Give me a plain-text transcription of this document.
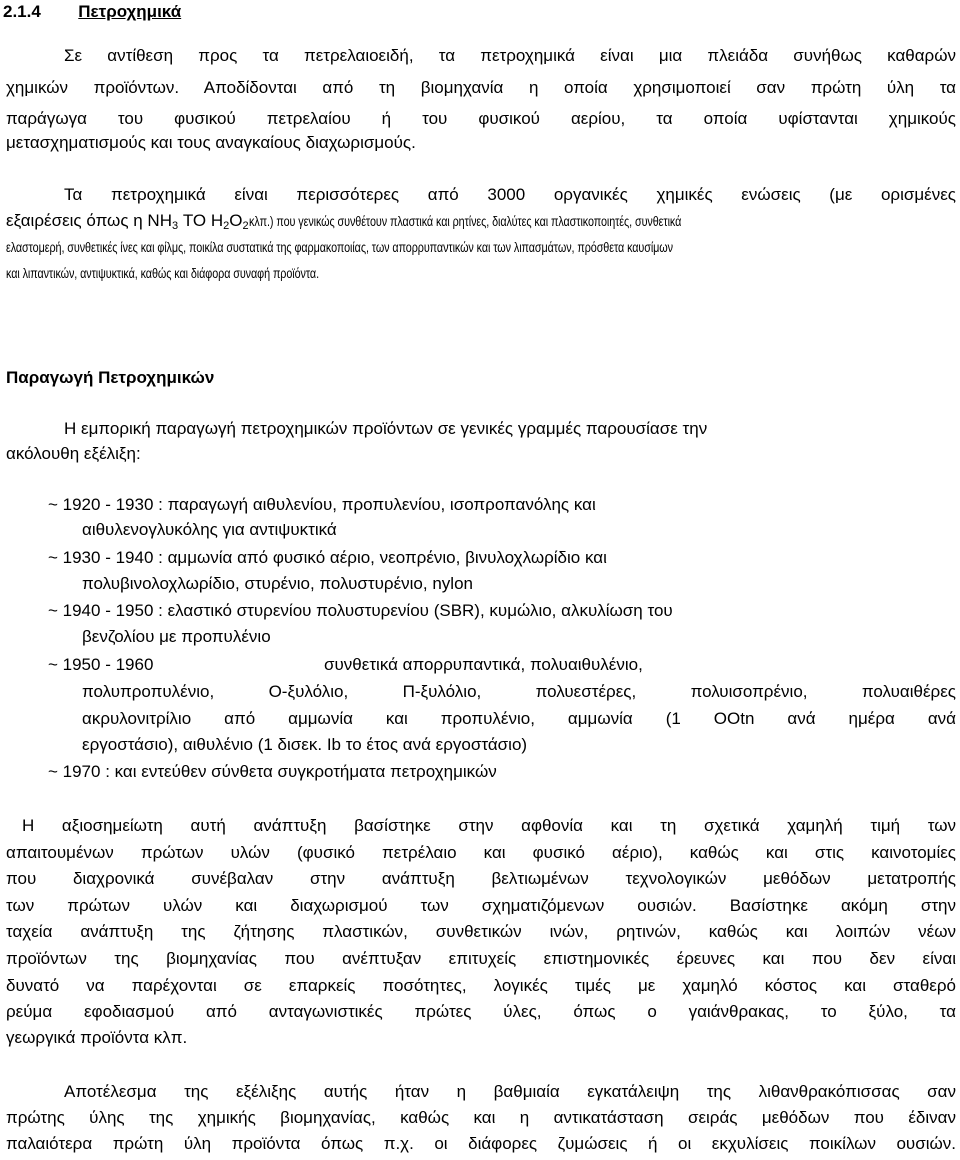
2.1.4 Πετροχημικά
Σε αντίθεση προς τα πετρελαιοειδή, τα πετροχημικά είναι μια πλειάδα συνήθως καθαρών
χημικών προϊόντων. Αποδίδονται από τη βιομηχανία η οποία χρησιμοποιεί σαν πρώτη ύλη τα
παράγωγα του φυσικού πετρελαίου ή του φυσικού αερίου, τα οποία υφίστανται χημικούς
μετασχηματισμούς και τους αναγκαίους διαχωρισμούς.
Τα πετροχημικά είναι περισσότερες από 3000 οργανικές χημικές ενώσεις (με ορισμένες
εξαιρέσεις όπως η $NH_3$ ΤΟ $H_2O_2\kappa\lambda\pi$.) που γενικώς συνθέτουν πλαστικά και ρητίνες, διαλύτες και πλαστικοποιητές, συνθετικά
ελαστομερή, συνθετικές ίνες και φίλμς, ποικίλα συστατικά της φαρμακοποιίας, των απορρυπαντικών και των λιπασμάτων, πρόσθετα καυσίμων
και λιπαντικών, αντιψυκτικά, καθώς και διάφορα συναφή προϊόντα.
Παραγωγή Πετροχημικών
Η εμπορική παραγωγή πετροχημικών προϊόντων σε γενικές γραμμές παρουσίασε την
ακόλουθη εξέλιξη:
~ 1920 - 1930 : παραγωγή αιθυλενίου, προπυλενίου, ισοπροπανόλης και
αιθυλενογλυκόλης για αντιψυκτικά
~ 1930 - 1940 : αμμωνία από φυσικό αέριο, νεοπρένιο, βινυλοχλωρίδιο και
πολυβινολοχλωρίδιο, στυρένιο, πολυστυρένιο, nylon
~ 1940 - 1950 : ελαστικό στυρενίου πολυστυρενίου (SBR), κυμώλιο, αλκυλίωση του
βενζολίου με προπυλένιο
~ 1950 - 1960	συνθετικά απορρυπαντικά, πολυαιθυλένιο,
πολυπροπυλένιο, Ο-ξυλόλιο, Π-ξυλόλιο, πολυεστέρες, πολυισοπρένιο, πολυαιθέρες
ακρυλονιτρίλιο από αμμωνία και προπυλένιο, αμμωνία (1 OOtn ανά ημέρα ανά
εργοστάσιο), αιθυλένιο (1 δισεκ. Ib το έτος ανά εργοστάσιο)
~ 1970 : και εντεύθεν σύνθετα συγκροτήματα πετροχημικών
Η αξιοσημείωτη αυτή ανάπτυξη βασίστηκε στην αφθονία και τη σχετικά χαμηλή τιμή των
απαιτουμένων πρώτων υλών (φυσικό πετρέλαιο και φυσικό αέριο), καθώς και στις καινοτομίες
που διαχρονικά συνέβαλαν στην ανάπτυξη βελτιωμένων τεχνολογικών μεθόδων μετατροπής
των πρώτων υλών και διαχωρισμού των σχηματιζόμενων ουσιών. Βασίστηκε ακόμη στην
ταχεία ανάπτυξη της ζήτησης πλαστικών, συνθετικών ινών, ρητινών, καθώς και λοιπών νέων
προϊόντων της βιομηχανίας που ανέπτυξαν επιτυχείς επιστημονικές έρευνες και που δεν είναι
δυνατό να παρέχονται σε επαρκείς ποσότητες, λογικές τιμές με χαμηλό κόστος και σταθερό
ρεύμα εφοδιασμού από ανταγωνιστικές πρώτες ύλες, όπως ο γαιάνθρακας, το ξύλο, τα
γεωργικά προϊόντα κλπ.
Αποτέλεσμα της εξέλιξης αυτής ήταν η βαθμιαία εγκατάλειψη της λιθανθρακόπισσας σαν
πρώτης ύλης της χημικής βιομηχανίας, καθώς και η αντικατάσταση σειράς μεθόδων που έδιναν
παλαιότερα πρώτη ύλη προϊόντα όπως π.χ. οι διάφορες ζυμώσεις ή οι εκχυλίσεις ποικίλων ουσιών.
